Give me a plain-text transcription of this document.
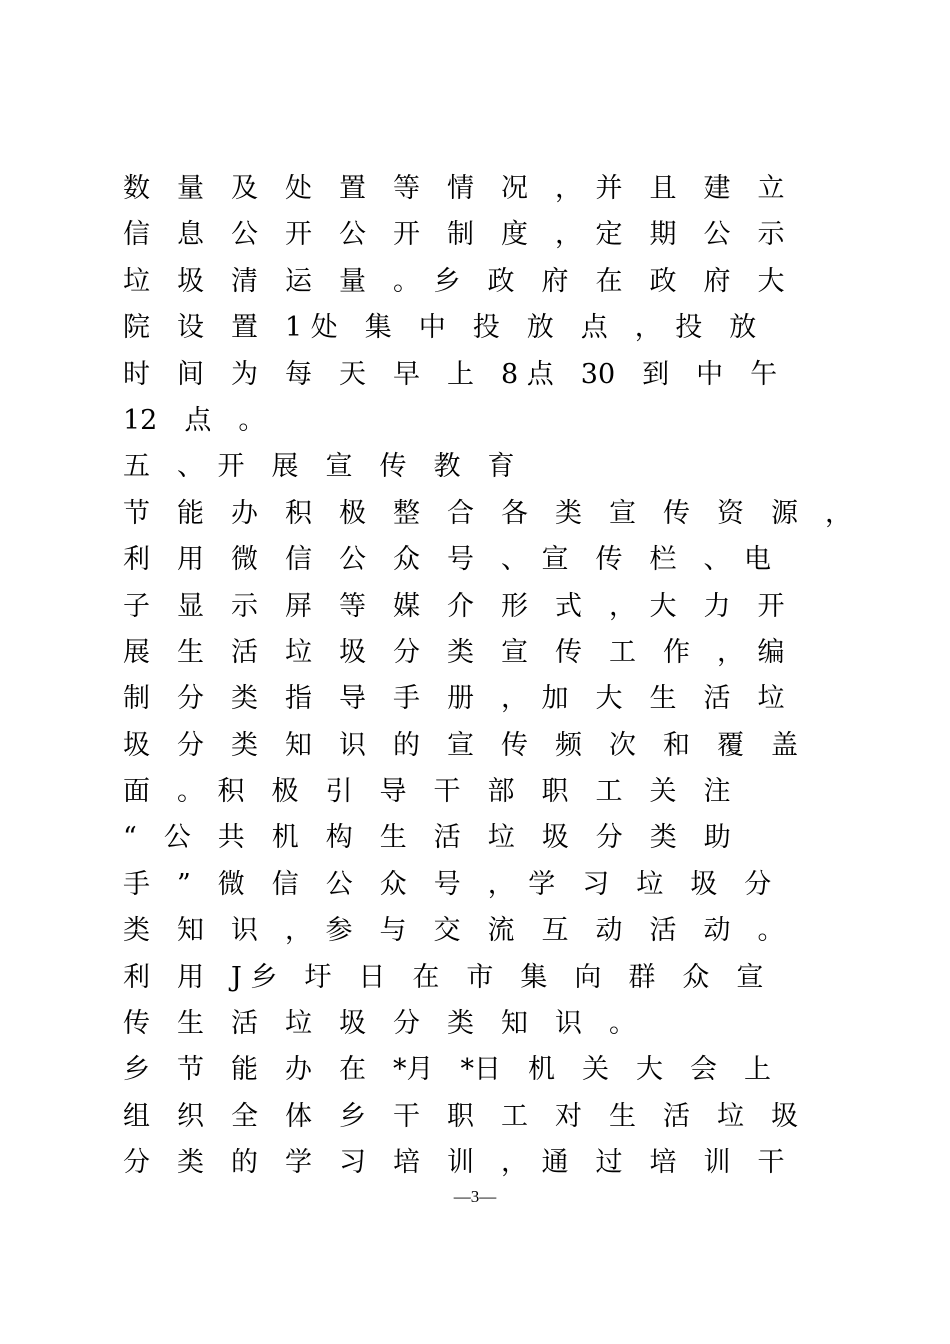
数　量　及　处　置　等　情　况　，　并　且　建　立
信　息　公　开　公　开　制　度　，　定　期　公　示
垃　圾　清　运　量　。　乡　政　府　在　政　府　大
院　设　置　1 处　集　中　投　放　点　，　投　放
时　间　为　每　天　早　上　8 点　30　到　中　午
12　点　。
五　、　开　展　宣　传　教　育
节　能　办　积　极　整　合　各　类　宣　传　资　源　，
利　用　微　信　公　众　号　、　宣　传　栏　、　电
子　显　示　屏　等　媒　介　形　式　，　大　力　开
展　生　活　垃　圾　分　类　宣　传　工　作　，　编
制　分　类　指　导　手　册　，　加　大　生　活　垃
圾　分　类　知　识　的　宣　传　频　次　和　覆　盖
面　。　积　极　引　导　干　部　职　工　关　注
“　公　共　机　构　生　活　垃　圾　分　类　助
手　”　微　信　公　众　号　，　学　习　垃　圾　分
类　知　识　，　参　与　交　流　互　动　活　动　。
利　用　J 乡　圩　日　在　市　集　向　群　众　宣
传　生　活　垃　圾　分　类　知　识　。
乡　节　能　办　在　*月　*日　机　关　大　会　上
组　织　全　体　乡　干　职　工　对　生　活　垃　圾
分　类　的　学　习　培　训　，　通　过　培　训　干
—3—
